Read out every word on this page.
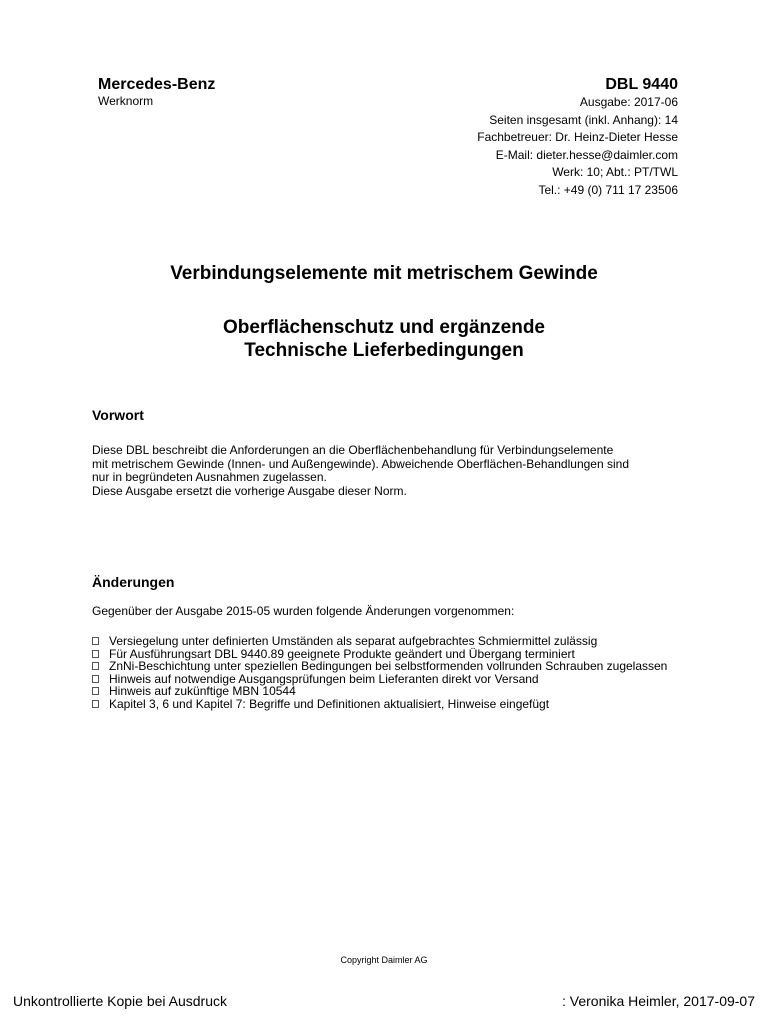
Mercedes-Benz
Werknorm
DBL 9440
Ausgabe: 2017-06
Seiten insgesamt (inkl. Anhang): 14
Fachbetreuer: Dr. Heinz-Dieter Hesse
E-Mail: dieter.hesse@daimler.com
Werk: 10; Abt.: PT/TWL
Tel.: +49 (0) 711 17 23506
Verbindungselemente mit metrischem Gewinde
Oberflächenschutz und ergänzende
Technische Lieferbedingungen
Vorwort
Diese DBL beschreibt die Anforderungen an die Oberflächenbehandlung für Verbindungselemente
mit metrischem Gewinde (Innen- und Außengewinde). Abweichende Oberflächen-Behandlungen sind
nur in begründeten Ausnahmen zugelassen.
Diese Ausgabe ersetzt die vorherige Ausgabe dieser Norm.
Änderungen
Gegenüber der Ausgabe 2015-05 wurden folgende Änderungen vorgenommen:
Versiegelung unter definierten Umständen als separat aufgebrachtes Schmiermittel zulässig
Für Ausführungsart DBL 9440.89 geeignete Produkte geändert und Übergang terminiert
ZnNi-Beschichtung unter speziellen Bedingungen bei selbstformenden vollrunden Schrauben zugelassen
Hinweis auf notwendige Ausgangsprüfungen beim Lieferanten direkt vor Versand
Hinweis auf zukünftige MBN 10544
Kapitel 3, 6 und Kapitel 7: Begriffe und Definitionen aktualisiert, Hinweise eingefügt
Copyright Daimler AG
Unkontrollierte Kopie bei Ausdruck	: Veronika Heimler, 2017-09-07
